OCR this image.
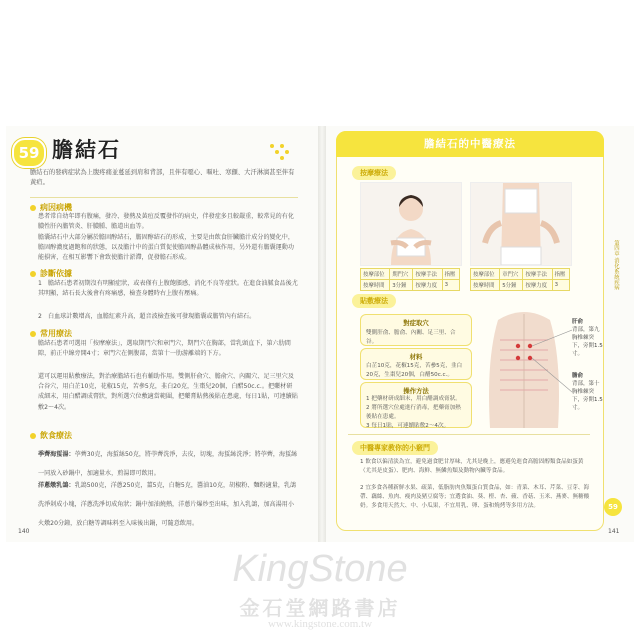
59 膽結石
膽結石的發病症狀為上腹疼痛並蔓延到肩和背部，且伴有噁心、嘔吐、寒顫、大汗淋漓甚至伴有黃疸。
病因病機
患者常自幼年即有腹痛，發冷、發熱及黃疸反覆發作的病史，伴發症多且較嚴重，較常見的有化膿性肝內膽管炎、肝膿腫、膽道出血等。
膽囊結石中大部分屬於膽固醇結石，膽固醇結石的形成，主要是由飲食肝臟膽汁成分的變化中，膽固醇濃度過飽和的狀態，以及膽汁中的蛋白質促使膽固醇晶體成核作用，另外還有膽囊運動功能損害，在相互影響下會致使膽汁淤滯，促發膽石形成。
診斷依據
1　膽結石患者初期沒有明顯症狀，或表僅有上腹飽脹感，消化不良等症狀。在進食油膩食品後尤其明顯，結石長大後會有疼痛感，檢查身體時右上腹有壓痛。
2　白血球計數增高，血膽紅素升高，超音波檢查後可發現膽囊或膽管內有結石。
常用療法
膽結石患者可選用「按摩療法」，選取期門穴和章門穴，期門穴在胸部，當乳頭直下，第六肋間隙，前正中線旁開4寸；章門穴在側腹部，當第十一肋游離端的下方。
還可以運用貼敷療法，對治療膽結石也有輔助作用。雙側肝俞穴、膽俞穴、內關穴、足三里穴及合谷穴，用白芷10克，花椒15克，苦參5克，韭白20克，生棗兒20個，白醋50c.c.。把藥材研成細末，用白醋調成膏狀，對所選穴位敷適當範圍，把藥膏貼熱後貼在患處，每日1貼，可連續貼敷2～4次。
飲食療法
季薺海蜇湯：荸薺30克，海蜇絲50克，將荸薺洗淨，去皮，切塊，海蜇絲洗淨；將荸薺，海蜇絲一同放入砂鍋中，加適量水，煎湯即可飲用。
洋蔥燉乳鴿：乳鴿500克，洋蔥250克，薑5克，白糖5克，醬油10克，胡椒粉、麵粉適量，乳鴿洗淨剁成小塊，洋蔥洗淨切成角狀；鍋中加油燒熱，洋蔥片爆炒至出味，加入乳鴿，加高湯用小火燉20分鐘，放白糖等調味料至入味後出鍋，可隨意飲用。
140
膽結石的中醫療法
按摩療法
按摩部位	期門穴	按摩手法	指壓
按摩時間	3分鐘	按摩力度	3
按摩部位	章門穴	按摩手法	指壓
按摩時間	5分鐘	按摩力度	3
貼敷療法
對症取穴
雙側肝俞、膽俞、內關、足三里、合谷。
材料
白芷10克，花椒15克，苦參5克，韭白20克，生棗兒20個，白醋50c.c.。
操作方法
1 把藥材研成細末，用白醋調成膏狀。
2 將所選穴位處進行消毒，把藥膏加熱後貼在患處。
3 每日1貼，可連續貼敷2～4次。
肝俞
背部，第九胸椎棘突下，旁開1.5寸。
膽俞
背部，第十胸椎棘突下，旁開1.5寸。
中醫專家教你的小竅門
1 飲食以偏清淡為宜，避免過食肥甘厚味，尤其是晚上，應避免進食高膽固醇類食品如蛋黃（尤其是皮蛋）、肥肉、海鮮、無鱗魚類及動物內臟等食品。
2 宜多食各種新鮮水果、疏菜，低脂肪肉魚類蛋白質食品，如：青菜、木耳、芹菜、豆芽、海帶、藕絲、魚肉、瘦肉及豬豆腐等；宜選食油、葵、橙、杏、蘋、香菇、玉米、燕麥、無糖酸奶。多食用天然大、中、小瓜果，不宜用乳、卵、蛋和燒烤等多用方法。
第四章 消化系統疾病
59
141
KingStone
金石堂網路書店
www.kingstone.com.tw
